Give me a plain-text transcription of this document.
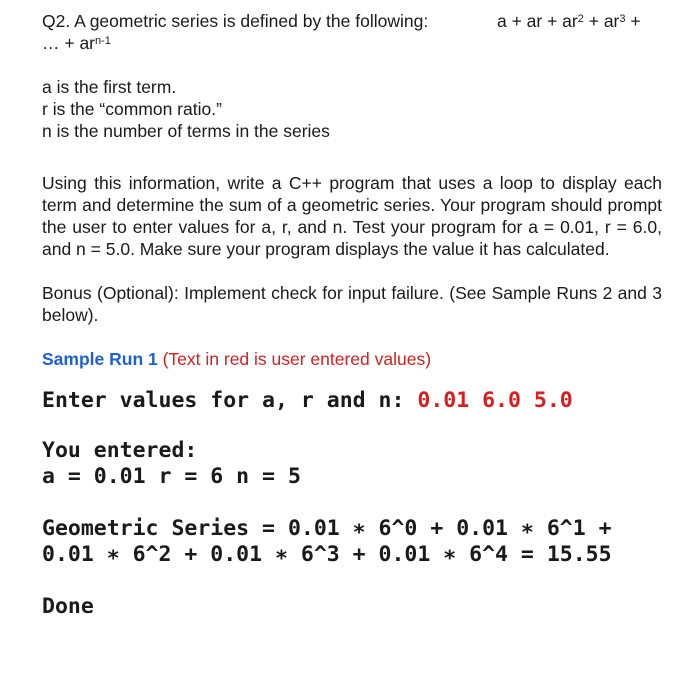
Q2. A geometric series is defined by the following:	a + ar + $ar^2 + ar^3$ +
… + $ar^{n-1}$
a is the first term.
r is the “common ratio.”
n is the number of terms in the series
Using this information, write a C++ program that uses a loop to display each term and determine the sum of a geometric series. Your program should prompt the user to enter values for a, r, and n. Test your program for a = 0.01, r = 6.0, and n = 5.0. Make sure your program displays the value it has calculated.
Bonus (Optional): Implement check for input failure. (See Sample Runs 2 and 3 below).
Sample Run 1 (Text in red is user entered values)
Enter values for a, r and n: 0.01 6.0 5.0
You entered:
a = 0.01 r = 6 n = 5
Geometric Series = 0.01 ∗ 6^0 + 0.01 ∗ 6^1 +
0.01 ∗ 6^2 + 0.01 ∗ 6^3 + 0.01 ∗ 6^4 = 15.55
Done
